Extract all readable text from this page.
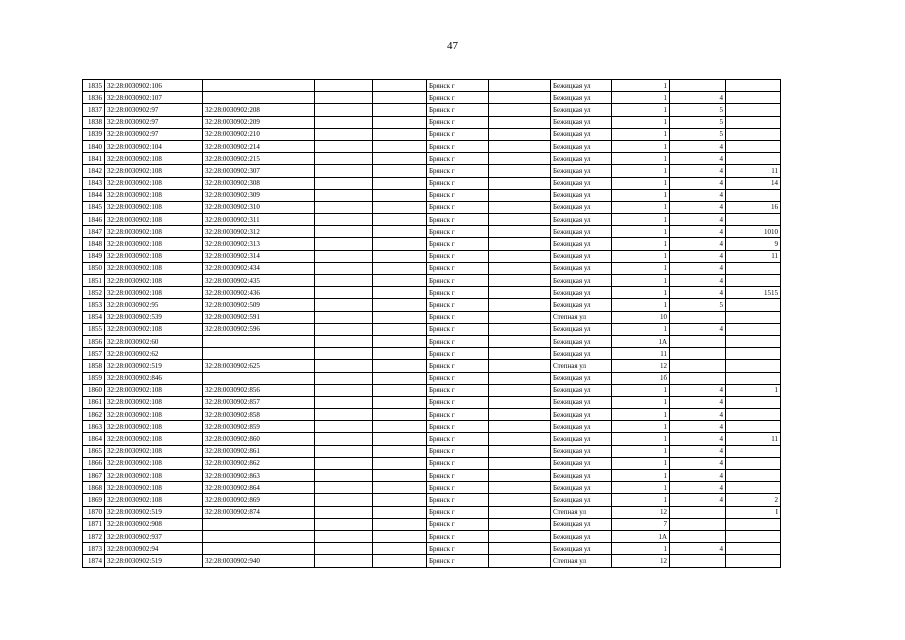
47
1835	32:28:0030902:106				Брянск г		Бежицкая ул	1			
1836	32:28:0030902:107				Брянск г		Бежицкая ул	1	4		
1837	32:28:0030902:97	32:28:0030902:208			Брянск г		Бежицкая ул	1	5		
1838	32:28:0030902:97	32:28:0030902:209			Брянск г		Бежицкая ул	1	5		
1839	32:28:0030902:97	32:28:0030902:210			Брянск г		Бежицкая ул	1	5		
1840	32:28:0030902:104	32:28:0030902:214			Брянск г		Бежицкая ул	1	4		
1841	32:28:0030902:108	32:28:0030902:215			Брянск г		Бежицкая ул	1	4		
1842	32:28:0030902:108	32:28:0030902:307			Брянск г		Бежицкая ул	1	4		11
1843	32:28:0030902:108	32:28:0030902:308			Брянск г		Бежицкая ул	1	4		14
1844	32:28:0030902:108	32:28:0030902:309			Брянск г		Бежицкая ул	1	4		
1845	32:28:0030902:108	32:28:0030902:310			Брянск г		Бежицкая ул	1	4		16
1846	32:28:0030902:108	32:28:0030902:311			Брянск г		Бежицкая ул	1	4		
1847	32:28:0030902:108	32:28:0030902:312			Брянск г		Бежицкая ул	1	4		1010
1848	32:28:0030902:108	32:28:0030902:313			Брянск г		Бежицкая ул	1	4		9
1849	32:28:0030902:108	32:28:0030902:314			Брянск г		Бежицкая ул	1	4		11
1850	32:28:0030902:108	32:28:0030902:434			Брянск г		Бежицкая ул	1	4		
1851	32:28:0030902:108	32:28:0030902:435			Брянск г		Бежицкая ул	1	4		
1852	32:28:0030902:108	32:28:0030902:436			Брянск г		Бежицкая ул	1	4		1515
1853	32:28:0030902:95	32:28:0030902:509			Брянск г		Бежицкая ул	1	5		
1854	32:28:0030902:539	32:28:0030902:591			Брянск г		Степная ул	10			
1855	32:28:0030902:108	32:28:0030902:596			Брянск г		Бежицкая ул	1	4		
1856	32:28:0030902:60				Брянск г		Бежицкая ул	1А			
1857	32:28:0030902:62				Брянск г		Бежицкая ул	11			
1858	32:28:0030902:519	32:28:0030902:625			Брянск г		Степная ул	12			
1859	32:28:0030902:846				Брянск г		Бежицкая ул	1б			
1860	32:28:0030902:108	32:28:0030902:856			Брянск г		Бежицкая ул	1	4		1
1861	32:28:0030902:108	32:28:0030902:857			Брянск г		Бежицкая ул	1	4		
1862	32:28:0030902:108	32:28:0030902:858			Брянск г		Бежицкая ул	1	4		
1863	32:28:0030902:108	32:28:0030902:859			Брянск г		Бежицкая ул	1	4		
1864	32:28:0030902:108	32:28:0030902:860			Брянск г		Бежицкая ул	1	4		11
1865	32:28:0030902:108	32:28:0030902:861			Брянск г		Бежицкая ул	1	4		
1866	32:28:0030902:108	32:28:0030902:862			Брянск г		Бежицкая ул	1	4		
1867	32:28:0030902:108	32:28:0030902:863			Брянск г		Бежицкая ул	1	4		
1868	32:28:0030902:108	32:28:0030902:864			Брянск г		Бежицкая ул	1	4		
1869	32:28:0030902:108	32:28:0030902:869			Брянск г		Бежицкая ул	1	4		2
1870	32:28:0030902:519	32:28:0030902:874			Брянск г		Степная ул	12			I
1871	32:28:0030902:908				Брянск г		Бежицкая ул	7			
1872	32:28:0030902:937				Брянск г		Бежицкая ул	1А			
1873	32:28:0030902:94				Брянск г		Бежицкая ул	1	4		
1874	32:28:0030902:519	32:28:0030902:940			Брянск г		Степная ул	12			
